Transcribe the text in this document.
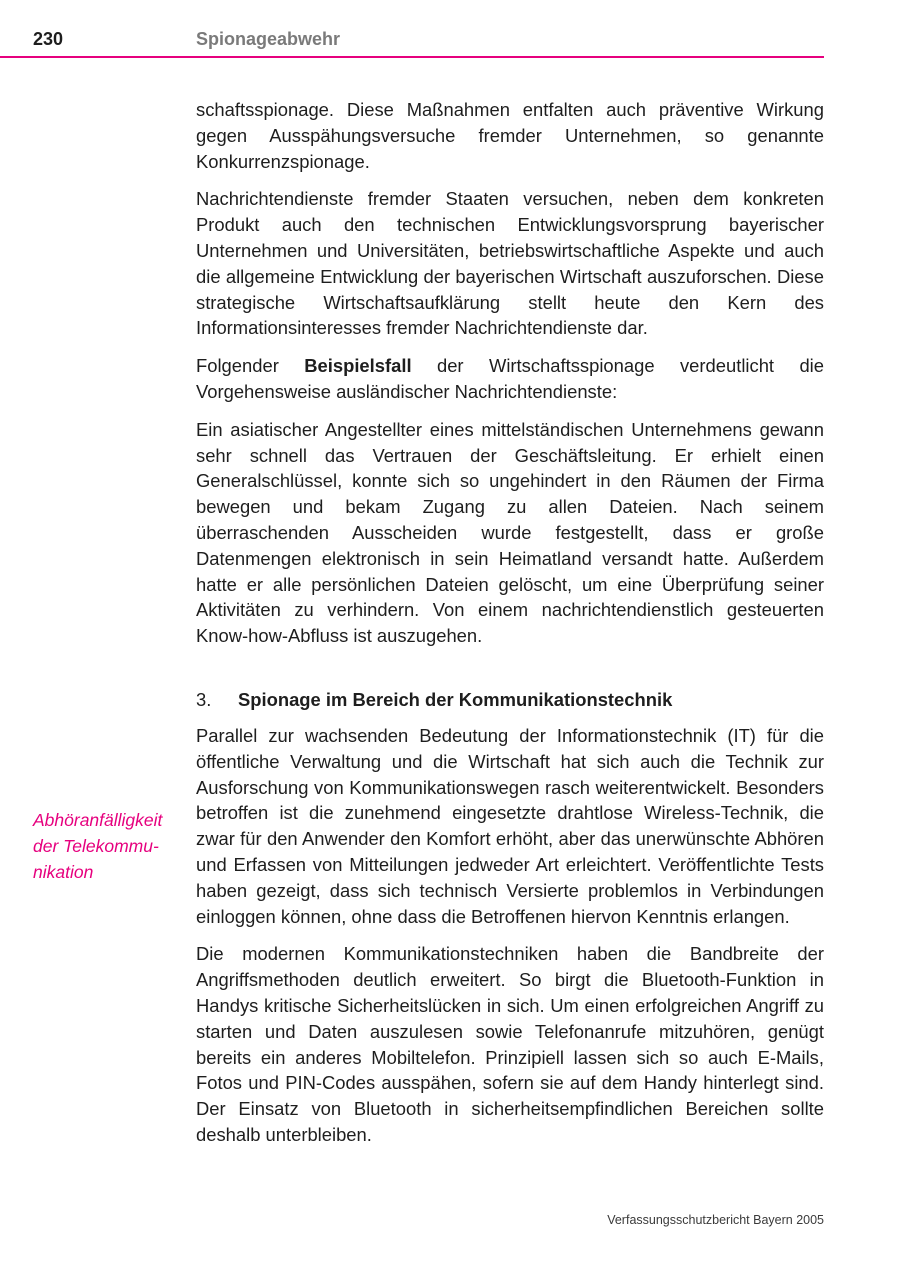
230	Spionageabwehr
Abhöranfälligkeit
der Telekommu-
nikation

schaftsspionage. Diese Maßnahmen entfalten auch präventive Wirkung gegen Ausspähungsversuche fremder Unternehmen, so genannte Konkurrenzspionage.

Nachrichtendienste fremder Staaten versuchen, neben dem konkreten Produkt auch den technischen Entwicklungsvorsprung bayerischer Unternehmen und Universitäten, betriebswirtschaftliche Aspekte und auch die allgemeine Entwicklung der bayerischen Wirtschaft auszuforschen. Diese strategische Wirtschaftsaufklärung stellt heute den Kern des Informationsinteresses fremder Nachrichtendienste dar.

Folgender Beispielsfall der Wirtschaftsspionage verdeutlicht die Vorgehensweise ausländischer Nachrichtendienste:

Ein asiatischer Angestellter eines mittelständischen Unternehmens gewann sehr schnell das Vertrauen der Geschäftsleitung. Er erhielt einen Generalschlüssel, konnte sich so ungehindert in den Räumen der Firma bewegen und bekam Zugang zu allen Dateien. Nach seinem überraschenden Ausscheiden wurde festgestellt, dass er große Datenmengen elektronisch in sein Heimatland versandt hatte. Außerdem hatte er alle persönlichen Dateien gelöscht, um eine Überprüfung seiner Aktivitäten zu verhindern. Von einem nachrichtendienstlich gesteuerten Know-how-Abfluss ist auszugehen.

3.	Spionage im Bereich der Kommunikationstechnik

Parallel zur wachsenden Bedeutung der Informationstechnik (IT) für die öffentliche Verwaltung und die Wirtschaft hat sich auch die Technik zur Ausforschung von Kommunikationswegen rasch weiterentwickelt. Besonders betroffen ist die zunehmend eingesetzte drahtlose Wireless-Technik, die zwar für den Anwender den Komfort erhöht, aber das unerwünschte Abhören und Erfassen von Mitteilungen jedweder Art erleichtert. Veröffentlichte Tests haben gezeigt, dass sich technisch Versierte problemlos in Verbindungen einloggen können, ohne dass die Betroffenen hiervon Kenntnis erlangen.

Die modernen Kommunikationstechniken haben die Bandbreite der Angriffsmethoden deutlich erweitert. So birgt die Bluetooth-Funktion in Handys kritische Sicherheitslücken in sich. Um einen erfolgreichen Angriff zu starten und Daten auszulesen sowie Telefonanrufe mitzuhören, genügt bereits ein anderes Mobiltelefon. Prinzipiell lassen sich so auch E-Mails, Fotos und PIN-Codes ausspähen, sofern sie auf dem Handy hinterlegt sind. Der Einsatz von Bluetooth in sicherheitsempfindlichen Bereichen sollte deshalb unterbleiben.

Verfassungsschutzbericht Bayern 2005
